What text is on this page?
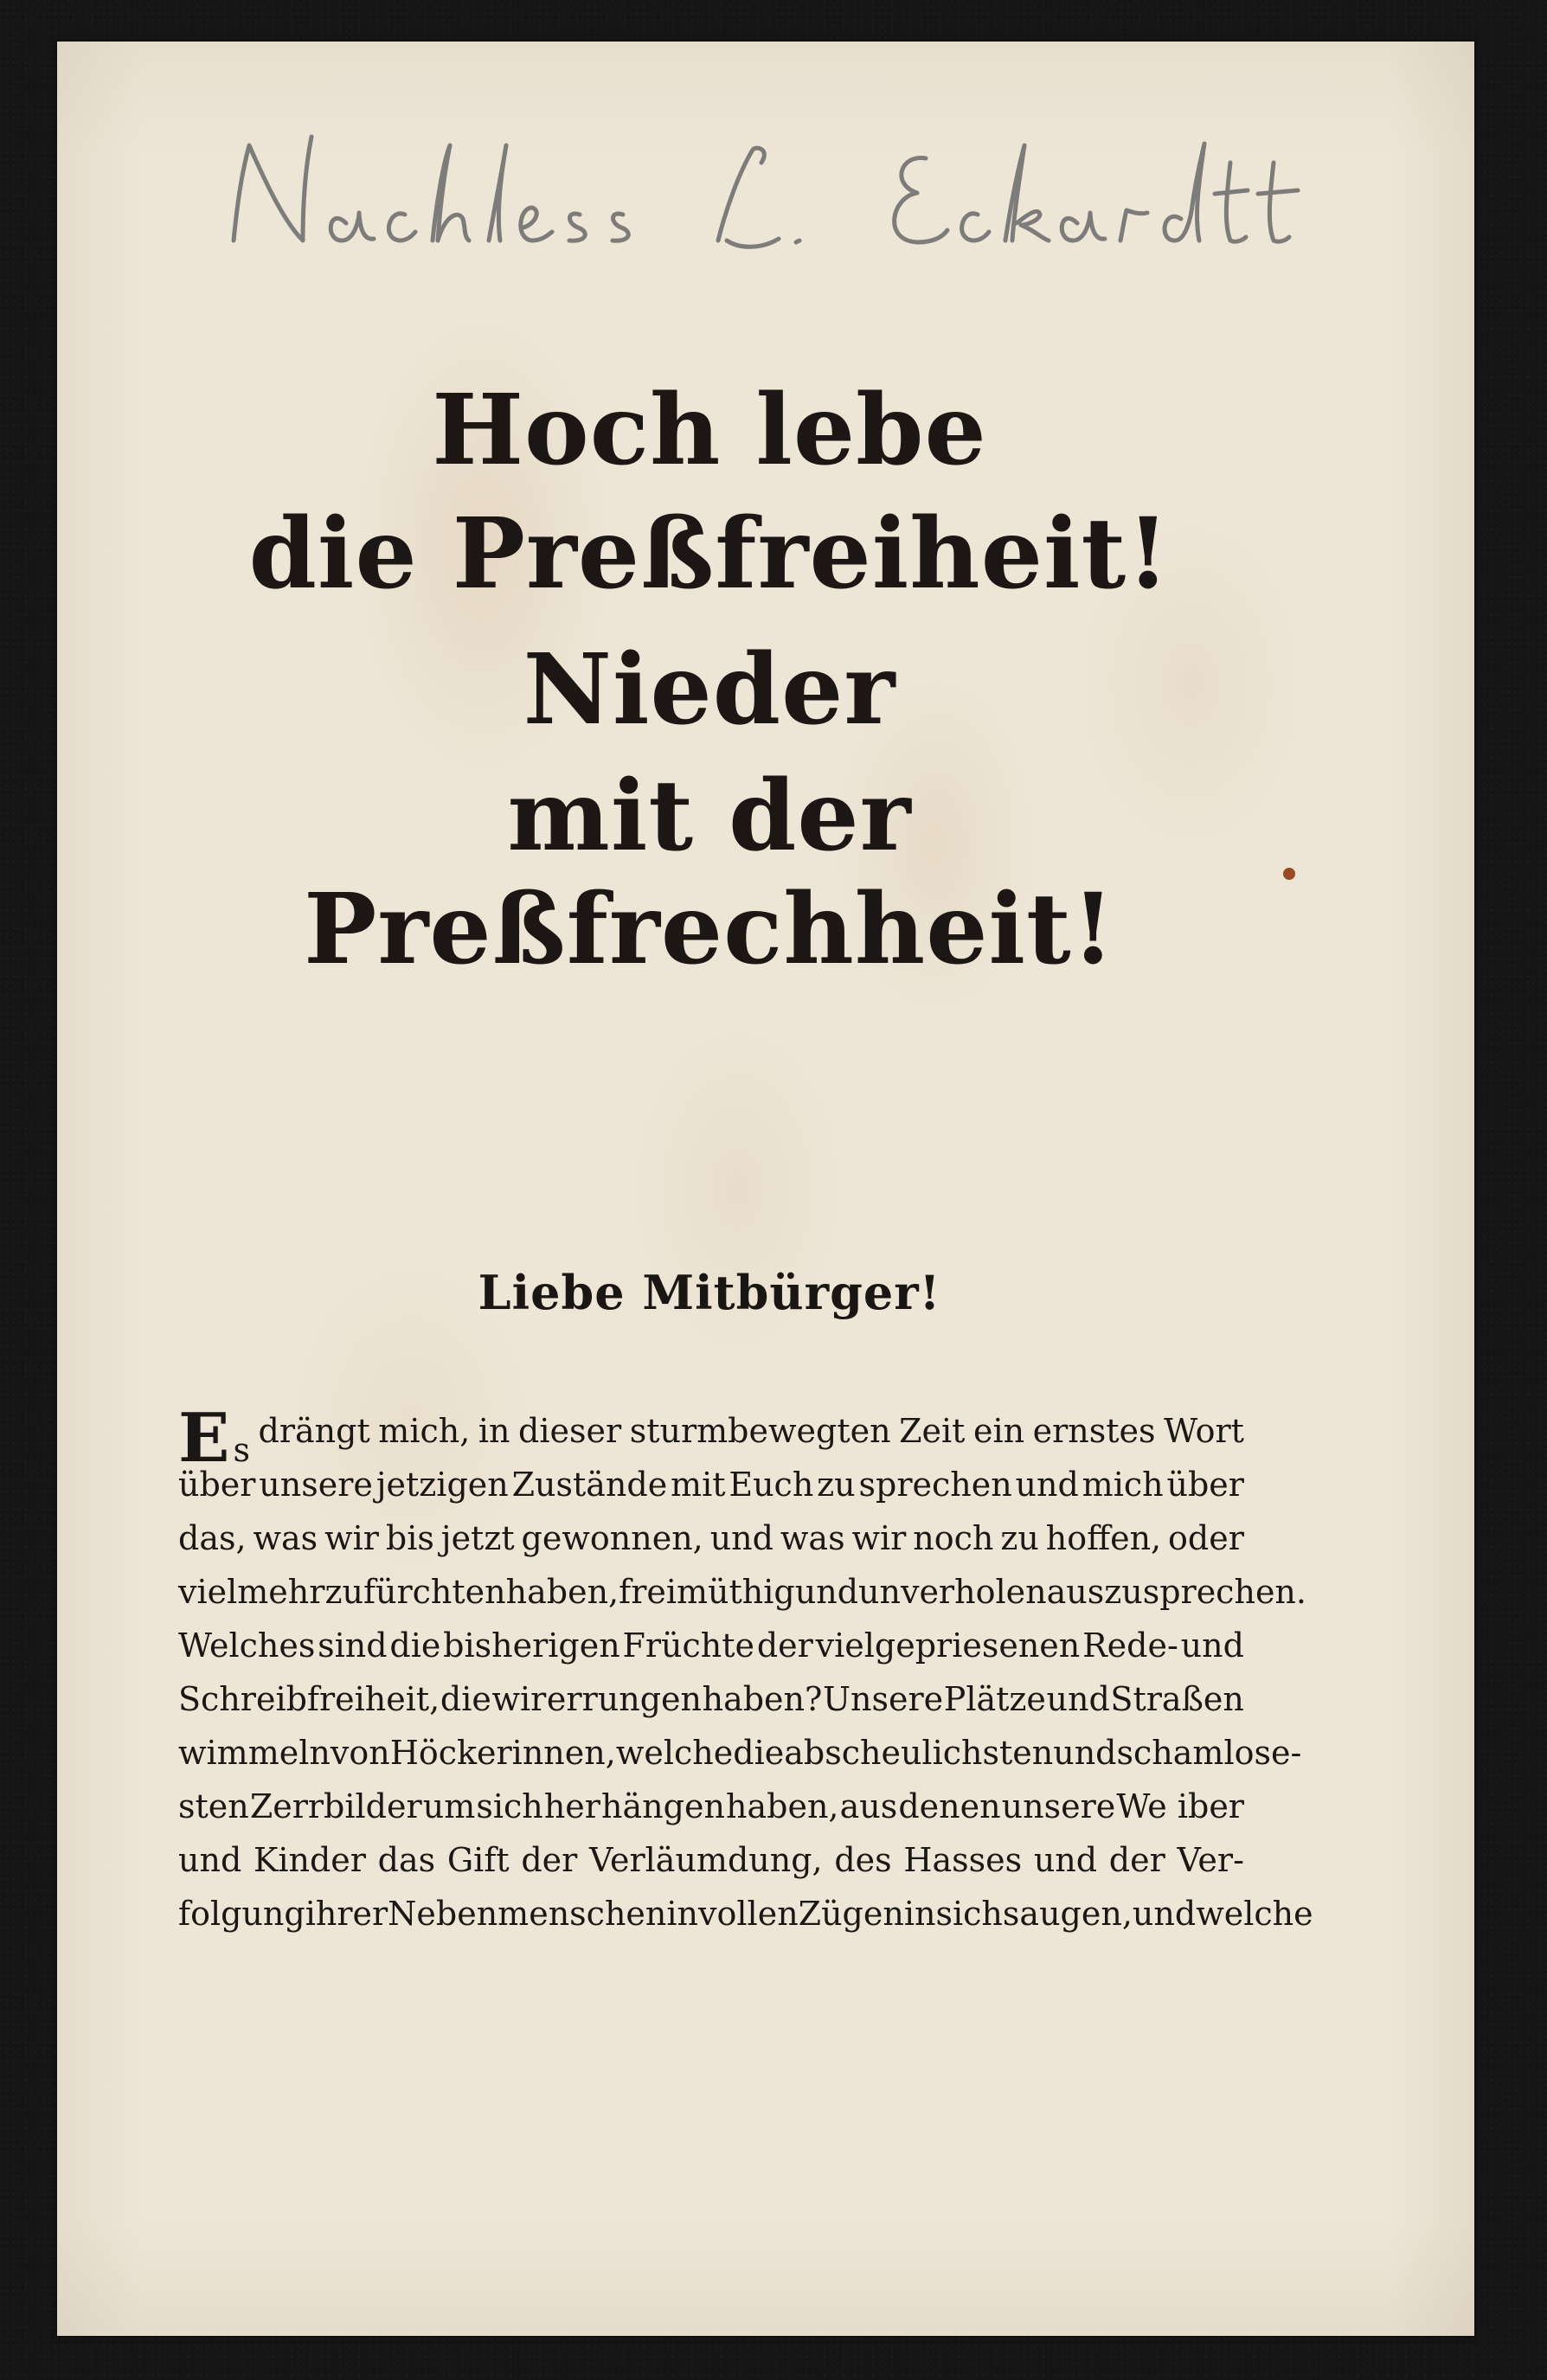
Nachlass L. Eckardt
Hoch lebe
die Preßfreiheit!
Nieder
mit der Preßfrechheit!
Liebe Mitbürger!
Es drängt mich, in dieser sturmbewegten Zeit ein ernstes Wort
über unsere jetzigen Zustände mit Euch zu sprechen und mich über
das, was wir bis jetzt gewonnen, und was wir noch zu hoffen, oder
vielmehr zu fürchten haben, freimüthig und unverholen auszusprechen.
Welches sind die bisherigen Früchte der vielgepriesenen Rede- und
Schreibfreiheit, die wir errungen haben? Unsere Plätze und Straßen
wimmeln von Höckerinnen, welche die abscheulichsten und schamlose-
sten Zerrbilder um sich her hängen haben, aus denen unsere We iber
und Kinder das Gift der Verläumdung, des Hasses und der Ver-
folgung ihrer Nebenmenschen in vollen Zügen in sich saugen, und welche
